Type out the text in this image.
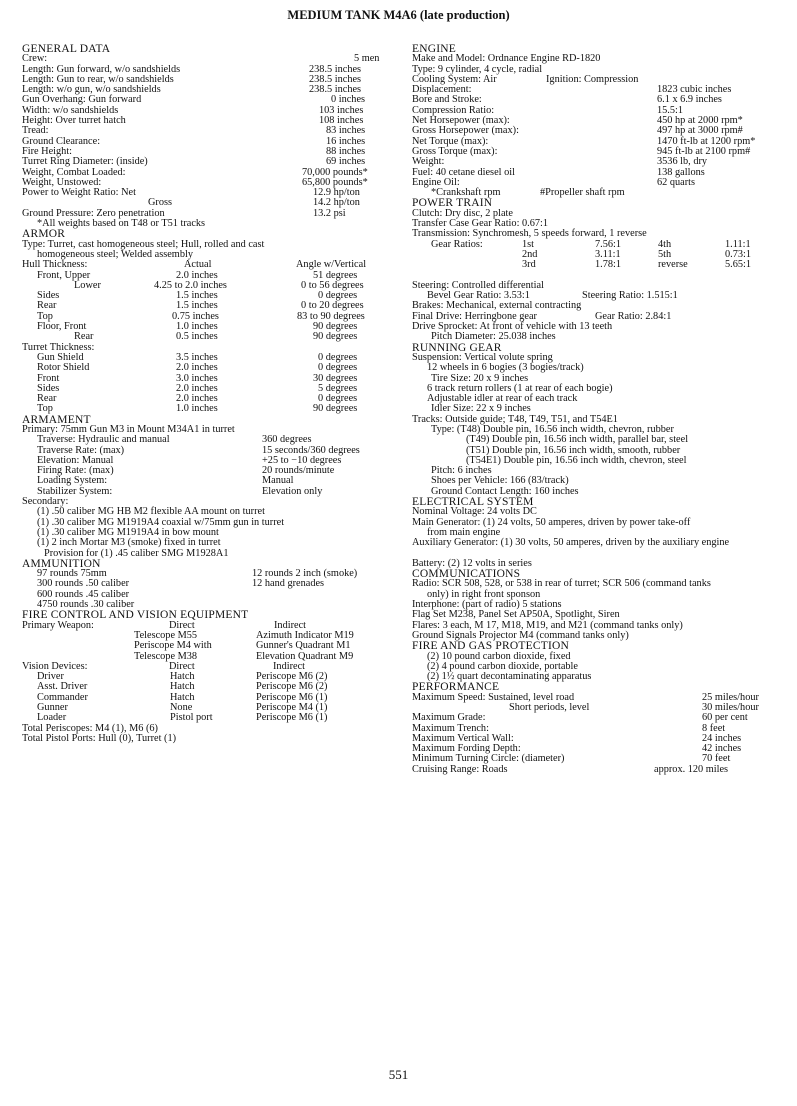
MEDIUM TANK M4A6 (late production)
GENERAL DATA
Crew:	5 men
Length: Gun forward, w/o sandshields	238.5 inches
Length: Gun to rear, w/o sandshields	238.5 inches
Length: w/o gun, w/o sandshields	238.5 inches
Gun Overhang: Gun forward	0 inches
Width: w/o sandshields	103 inches
Height: Over turret hatch	108 inches
Tread:	83 inches
Ground Clearance:	16 inches
Fire Height:	88 inches
Turret Ring Diameter: (inside)	69 inches
Weight, Combat Loaded:	70,000 pounds*
Weight, Unstowed:	65,800 pounds*
Power to Weight Ratio: Net	12.9 hp/ton
Gross	14.2 hp/ton
Ground Pressure: Zero penetration	13.2 psi
*All weights based on T48 or T51 tracks
ARMOR
Type: Turret, cast homogeneous steel; Hull, rolled and cast
homogeneous steel; Welded assembly
Hull Thickness:	Actual	Angle w/Vertical
Front, Upper	2.0 inches	51 degrees
Lower	4.25 to 2.0 inches	0 to 56 degrees
Sides	1.5 inches	0 degrees
Rear	1.5 inches	0 to 20 degrees
Top	0.75 inches	83 to 90 degrees
Floor, Front	1.0 inches	90 degrees
Rear	0.5 inches	90 degrees
Turret Thickness:
Gun Shield	3.5 inches	0 degrees
Rotor Shield	2.0 inches	0 degrees
Front	3.0 inches	30 degrees
Sides	2.0 inches	5 degrees
Rear	2.0 inches	0 degrees
Top	1.0 inches	90 degrees
ARMAMENT
Primary: 75mm Gun M3 in Mount M34A1 in turret
Traverse: Hydraulic and manual	360 degrees
Traverse Rate: (max)	15 seconds/360 degrees
Elevation: Manual	+25 to −10 degrees
Firing Rate: (max)	20 rounds/minute
Loading System:	Manual
Stabilizer System:	Elevation only
Secondary:
(1) .50 caliber MG HB M2 flexible AA mount on turret
(1) .30 caliber MG M1919A4 coaxial w/75mm gun in turret
(1) .30 caliber MG M1919A4 in bow mount
(1) 2 inch Mortar M3 (smoke) fixed in turret
Provision for (1) .45 caliber SMG M1928A1
AMMUNITION
97 rounds 75mm	12 rounds 2 inch (smoke)
300 rounds .50 caliber	12 hand grenades
600 rounds .45 caliber
4750 rounds .30 caliber
FIRE CONTROL AND VISION EQUIPMENT
Primary Weapon:	Direct	Indirect
Telescope M55	Azimuth Indicator M19
Periscope M4 with	Gunner's Quadrant M1
Telescope M38	Elevation Quadrant M9
Vision Devices:	Direct	Indirect
Driver	Hatch	Periscope M6 (2)
Asst. Driver	Hatch	Periscope M6 (2)
Commander	Hatch	Periscope M6 (1)
Gunner	None	Periscope M4 (1)
Loader	Pistol port	Periscope M6 (1)
Total Periscopes: M4 (1), M6 (6)
Total Pistol Ports: Hull (0), Turret (1)
ENGINE
Make and Model: Ordnance Engine RD-1820
Type: 9 cylinder, 4 cycle, radial
Cooling System: Air	Ignition: Compression
Displacement:	1823 cubic inches
Bore and Stroke:	6.1 x 6.9 inches
Compression Ratio:	15.5:1
Net Horsepower (max):	450 hp at 2000 rpm*
Gross Horsepower (max):	497 hp at 3000 rpm#
Net Torque (max):	1470 ft-lb at 1200 rpm*
Gross Torque (max):	945 ft-lb at 2100 rpm#
Weight:	3536 lb, dry
Fuel: 40 cetane diesel oil	138 gallons
Engine Oil:	62 quarts
*Crankshaft rpm	#Propeller shaft rpm
POWER TRAIN
Clutch: Dry disc, 2 plate
Transfer Case Gear Ratio: 0.67:1
Transmission: Synchromesh, 5 speeds forward, 1 reverse
Gear Ratios:	1st	7.56:1	4th	1.11:1
2nd	3.11:1	5th	0.73:1
3rd	1.78:1	reverse	5.65:1
Steering: Controlled differential
Bevel Gear Ratio: 3.53:1	Steering Ratio: 1.515:1
Brakes: Mechanical, external contracting
Final Drive: Herringbone gear	Gear Ratio: 2.84:1
Drive Sprocket: At front of vehicle with 13 teeth
Pitch Diameter: 25.038 inches
RUNNING GEAR
Suspension: Vertical volute spring
12 wheels in 6 bogies (3 bogies/track)
Tire Size: 20 x 9 inches
6 track return rollers (1 at rear of each bogie)
Adjustable idler at rear of each track
Idler Size: 22 x 9 inches
Tracks: Outside guide; T48, T49, T51, and T54E1
Type: (T48) Double pin, 16.56 inch width, chevron, rubber
(T49) Double pin, 16.56 inch width, parallel bar, steel
(T51) Double pin, 16.56 inch width, smooth, rubber
(T54E1) Double pin, 16.56 inch width, chevron, steel
Pitch: 6 inches
Shoes per Vehicle: 166 (83/track)
Ground Contact Length: 160 inches
ELECTRICAL SYSTEM
Nominal Voltage: 24 volts DC
Main Generator: (1) 24 volts, 50 amperes, driven by power take-off
from main engine
Auxiliary Generator: (1) 30 volts, 50 amperes, driven by the auxiliary engine
Battery: (2) 12 volts in series
COMMUNICATIONS
Radio: SCR 508, 528, or 538 in rear of turret; SCR 506 (command tanks
only) in right front sponson
Interphone: (part of radio) 5 stations
Flag Set M238, Panel Set AP50A, Spotlight, Siren
Flares: 3 each, M 17, M18, M19, and M21 (command tanks only)
Ground Signals Projector M4 (command tanks only)
FIRE AND GAS PROTECTION
(2) 10 pound carbon dioxide, fixed
(2) 4 pound carbon dioxide, portable
(2) 1½ quart decontaminating apparatus
PERFORMANCE
Maximum Speed: Sustained, level road	25 miles/hour
Short periods, level	30 miles/hour
Maximum Grade:	60 per cent
Maximum Trench:	8 feet
Maximum Vertical Wall:	24 inches
Maximum Fording Depth:	42 inches
Minimum Turning Circle: (diameter)	70 feet
Cruising Range: Roads	approx. 120 miles
551
